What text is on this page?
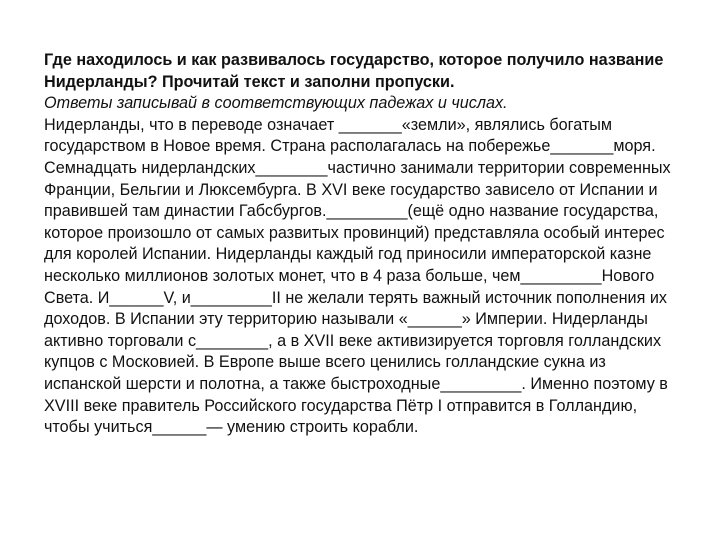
Где находилось и как развивалось государство, которое получило название Нидерланды? Прочитай текст и заполни пропуски.

Ответы записывай в соответствующих падежах и числах.

Нидерланды, что в переводе означает _______«земли», являлись богатым государством в Новое время. Страна располагалась на побережье_______моря. Семнадцать нидерландских________частично занимали территории современных Франции, Бельгии и Люксембурга. В XVI веке государство зависело от Испании и правившей там династии Габсбургов._________(ещё одно название государства, которое произошло от самых развитых провинций) представляла особый интерес для королей Испании. Нидерланды каждый год приносили императорской казне несколько миллионов золотых монет, что в 4 раза больше, чем_________Нового Света. И______V, и_________II не желали терять важный источник пополнения их доходов. В Испании эту территорию называли «______» Империи. Нидерланды активно торговали с________, а в XVII веке активизируется торговля голландских купцов с Московией. В Европе выше всего ценились голландские сукна из испанской шерсти и полотна, а также быстроходные_________. Именно поэтому в XVIII веке правитель Российского государства Пётр I отправится в Голландию, чтобы учиться______— умению строить корабли.
